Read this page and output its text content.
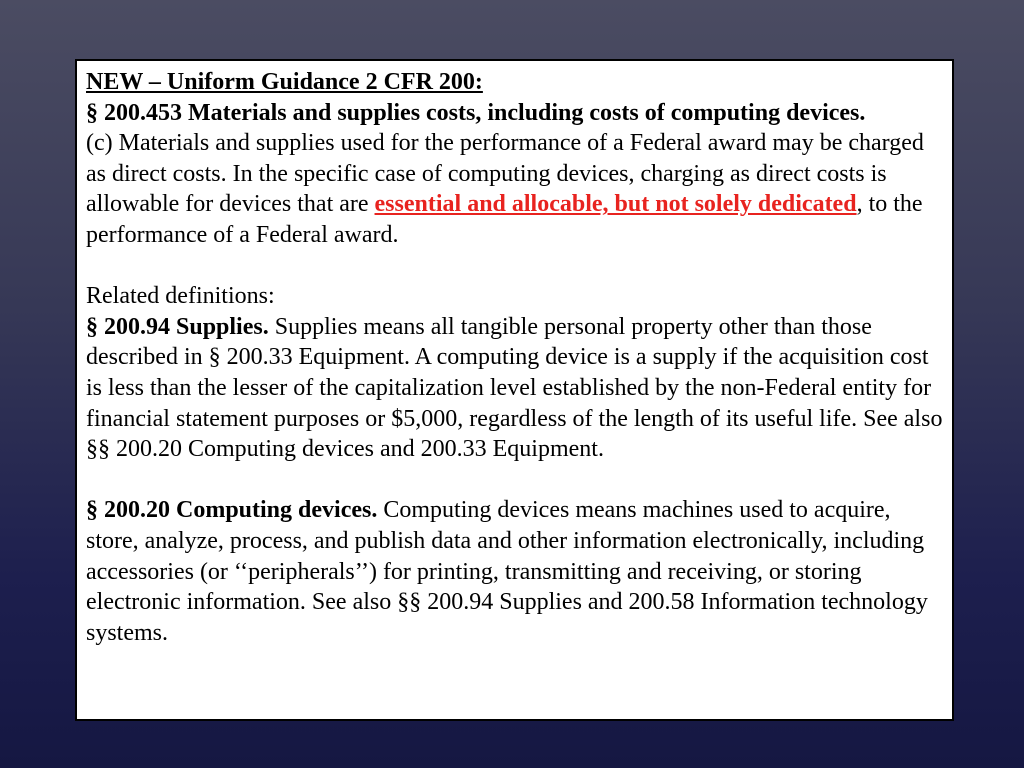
NEW – Uniform Guidance 2 CFR 200:

§ 200.453 Materials and supplies costs, including costs of computing devices.

(c) Materials and supplies used for the performance of a Federal award may be charged as direct costs. In the specific case of computing devices, charging as direct costs is allowable for devices that are essential and allocable, but not solely dedicated, to the performance of a Federal award.

Related definitions:

§ 200.94 Supplies. Supplies means all tangible personal property other than those described in § 200.33 Equipment. A computing device is a supply if the acquisition cost is less than the lesser of the capitalization level established by the non-Federal entity for financial statement purposes or $5,000, regardless of the length of its useful life. See also §§ 200.20 Computing devices and 200.33 Equipment.

§ 200.20 Computing devices. Computing devices means machines used to acquire, store, analyze, process, and publish data and other information electronically, including accessories (or ‘‘peripherals’’) for printing, transmitting and receiving, or storing electronic information. See also §§ 200.94 Supplies and 200.58 Information technology systems.
